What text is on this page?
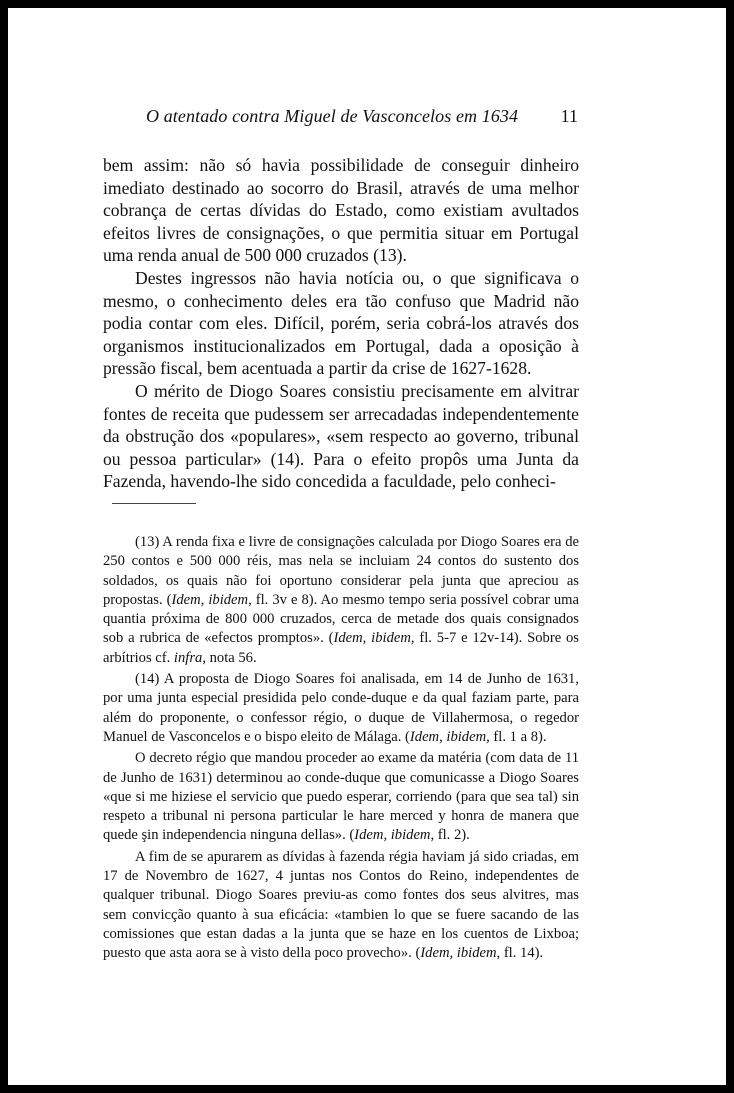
O atentado contra Miguel de Vasconcelos em 1634 11

bem assim: não só havia possibilidade de conseguir dinheiro imediato destinado ao socorro do Brasil, através de uma melhor cobrança de certas dívidas do Estado, como existiam avultados efeitos livres de consignações, o que permitia situar em Portugal uma renda anual de 500 000 cruzados (13).

Destes ingressos não havia notícia ou, o que significava o mesmo, o conhecimento deles era tão confuso que Madrid não podia contar com eles. Difícil, porém, seria cobrá-los através dos organismos institucionalizados em Portugal, dada a oposição à pressão fiscal, bem acentuada a partir da crise de 1627-1628.

O mérito de Diogo Soares consistiu precisamente em alvitrar fontes de receita que pudessem ser arrecadadas independentemente da obstrução dos «populares», «sem respecto ao governo, tribunal ou pessoa particular» (14). Para o efeito propôs uma Junta da Fazenda, havendo-lhe sido concedida a faculdade, pelo conheci-

(13) A renda fixa e livre de consignações calculada por Diogo Soares era de 250 contos e 500 000 réis, mas nela se incluiam 24 contos do sustento dos soldados, os quais não foi oportuno considerar pela junta que apreciou as propostas. (Idem, ibidem, fl. 3v e 8). Ao mesmo tempo seria possível cobrar uma quantia próxima de 800 000 cruzados, cerca de metade dos quais consignados sob a rubrica de «efectos promptos». (Idem, ibidem, fl. 5-7 e 12v-14). Sobre os arbítrios cf. infra, nota 56.

(14) A proposta de Diogo Soares foi analisada, em 14 de Junho de 1631, por uma junta especial presidida pelo conde-duque e da qual faziam parte, para além do proponente, o confessor régio, o duque de Villahermosa, o regedor Manuel de Vasconcelos e o bispo eleito de Málaga. (Idem, ibidem, fl. 1 a 8).

O decreto régio que mandou proceder ao exame da matéria (com data de 11 de Junho de 1631) determinou ao conde-duque que comunicasse a Diogo Soares «que si me hiziese el servicio que puedo esperar, corriendo (para que sea tal) sin respeto a tribunal ni persona particular le hare merced y honra de manera que quede şin independencia ninguna dellas». (Idem, ibidem, fl. 2).

A fim de se apurarem as dívidas à fazenda régia haviam já sido criadas, em 17 de Novembro de 1627, 4 juntas nos Contos do Reino, independentes de qualquer tribunal. Diogo Soares previu-as como fontes dos seus alvitres, mas sem convicção quanto à sua eficácia: «tambien lo que se fuere sacando de las comissiones que estan dadas a la junta que se haze en los cuentos de Lixboa; puesto que asta aora se à visto della poco provecho». (Idem, ibidem, fl. 14).
